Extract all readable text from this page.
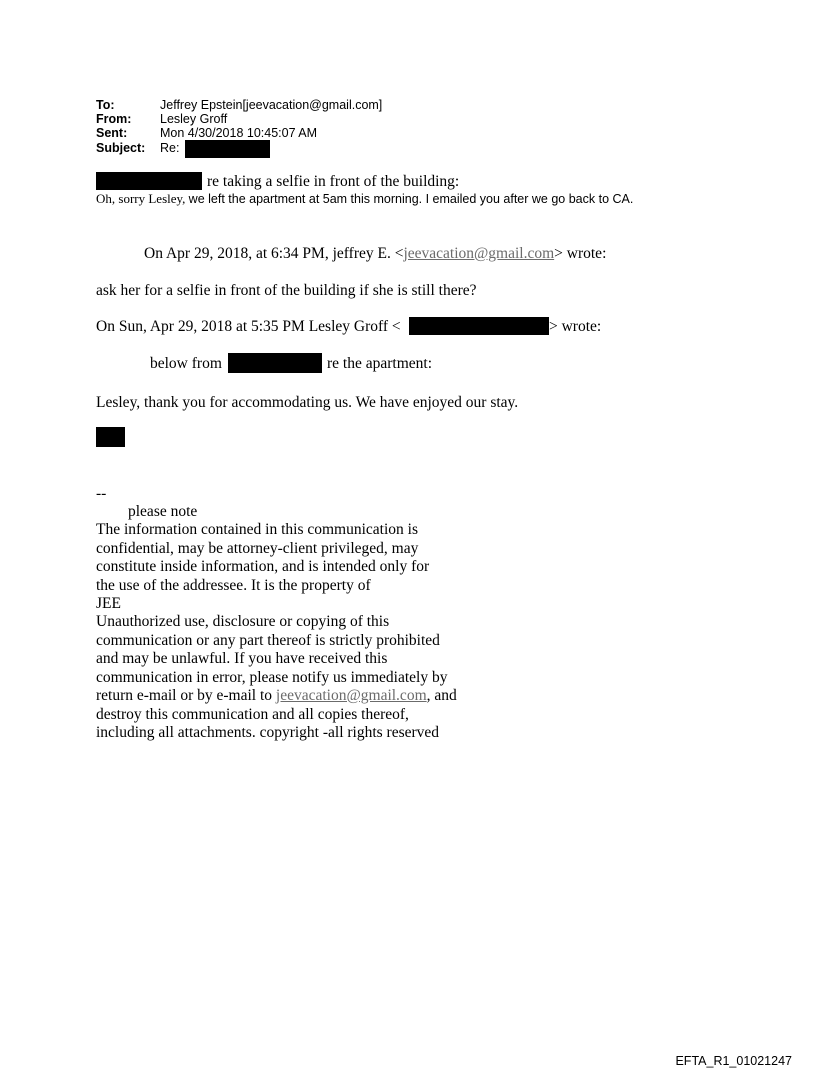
To:	Jeffrey Epstein[jeevacation@gmail.com]
From: Lesley Groff
Sent:	Mon 4/30/2018 10:45:07 AM
Subject: Re:
re taking a selfie in front of the building:
Oh, sorry Lesley, we left the apartment at 5am this morning. I emailed you after we go back to CA.
On Apr 29, 2018, at 6:34 PM, jeffrey E. <jeevacation@gmail.com> wrote:
ask her for a selfie in front of the building if she is still there?
On Sun, Apr 29, 2018 at 5:35 PM Lesley Groff <	> wrote:
below from	re the apartment:
Lesley, thank you for accommodating us. We have enjoyed our stay.
--
please note
The information contained in this communication is
confidential, may be attorney-client privileged, may
constitute inside information, and is intended only for
the use of the addressee. It is the property of
JEE
Unauthorized use, disclosure or copying of this
communication or any part thereof is strictly prohibited
and may be unlawful. If you have received this
communication in error, please notify us immediately by
return e-mail or by e-mail to jeevacation@gmail.com, and
destroy this communication and all copies thereof,
including all attachments. copyright -all rights reserved
EFTA_R1_01021247
